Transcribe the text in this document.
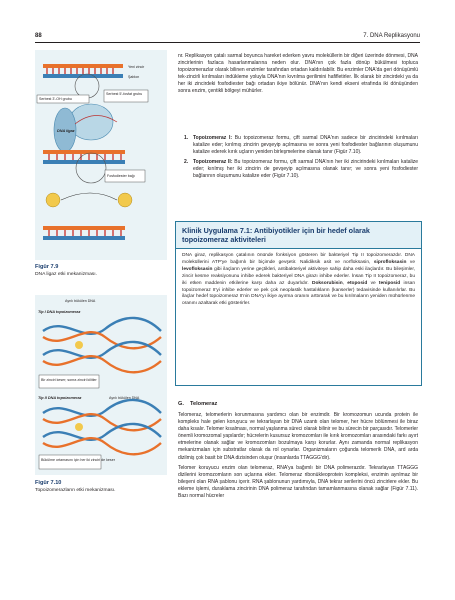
88	7. DNA Replikasyonu
Yeni zincir
Şablon
Serbest 5'-fosfat grubu
Serbest 3'-OH grubu
DNA ligaz
Fosfodiester bağı
Figür 7.9
DNA ligaz etki mekanizması.
Ayrılı bükülen DNA
Tip I DNA topoizomeraz
Bir zinciri keser; sonra zinciri kilitler
Tip II DNA topoizomeraz	Ayrılı bükülen DNA
Bükülme ortamasını için her iki zinciri de keser
Figür 7.10
Topoizomerazların etki mekanizması.
nr. Replikasyon çatalı sarmal boyunca hareket ederken yavru moleküllerin bir diğeri üzerinde dönmesi, DNA zincirlerinin fazlaca hasarlanmalarına neden olur. DNA'nın çok fazla dönüp bükülmesi topluca topoizomerazlar olarak bilinen enzimler tarafından ortadan kaldırılabilir. Bu enzimler DNA'da geri dönüşümlü tek-zincirli kırılmaları indükleme yoluyla DNA'nın kıvrılma gerilimini hafifletirler. İlk olarak bir zincirdeki ya da her iki zincirdeki fosfodiester bağı ortadan ikiye bölünür. DNA'nın kendi ekseni etrafında iki dönüşünden sonra enzim, çentikli bölgeyi mühürler.
1. Topoizomeraz I: Bu topoizomeraz formu, çift sarmal DNA'nın sadece bir zincirindeki kırılmaları katalize eder; kırılmış zincirin gevşeyip açılmasına ve sonra yeni fosfodiester bağlarının oluşumunu katalize ederek kırık uçların yeniden birleşmelerine olanak tanır (Figür 7.10).
2. Topoizomeraz II: Bu topoizomeraz formu, çift sarmal DNA'nın her iki zincirindeki kırılmaları katalize eder; kırılmış her iki zincirin de gevşeyip açılmasına olanak tanır; ve sonra yeni fosfodiester bağlarının oluşumunu katalize eder (Figür 7.10).
Klinik Uygulama 7.1: Antibiyotikler için bir hedef olarak topoizomeraz aktiviteleri
DNA giraz, replikasyon çatalının önünde fonksiyon gösteren bir bakteriyel Tip II topoizomerazdır. DNA moleküllerini ATP'ye bağımlı bir biçimde gevşetir. Nalidiksik asit ve norfloksasin, siprofloksasin ve levofloksasin gibi ilaçların yerine geçtikleri, antibakteriyel aktiviteye sahip daha eski ilaçlardır. Bu bileşimler, zincir kesme reaksiyonunu inhibe ederek bakteriyel DNA girazı inhibe ederler. İnsan Tip II topoizomeraz, bu iki etken maddenin etkilerine karşı daha az duyarlıdır. Doksorubisin, etoposid ve teniposid insan topoizomeraz II'yi inhibe ederler ve pek çok neoplastik hastalıkların (kanserler) tedavisinde kullanılırlar. Bu ilaçlar hedef topoizomeraz II'nin DNA'yı ikiye ayırma oranını arttırarak ve bu kırılmaların yeniden mühürlenme oranını azaltarak etki gösterirler.
G. Telomeraz
Telomeraz, telomerlerin korunmasına yardımcı olan bir enzimdir. Bir kromozomun ucunda protein ile kompleks hale gelen koruyucu ve tekrarlayan bir DNA uzantı olan telomer, her hücre bölünmesi ile biraz daha kısalır. Telomer kısalması, normal yaşlanma süreci olarak bilinir ve bu sürecin bir parçasıdır. Telomerler önemli kromozomal yapılardır; hücrelerin kusursuz kromozomları ile kırık kromozomları arasındaki farkı ayırt etmelerine olanak sağlar ve kromozomları bozulmaya karşı korurlar. Aynı zamanda normal replikasyon mekanizmaları için substratlar olarak da rol oynarlar. Organizmaların çoğunda telomerik DNA, ard arda dizilmiş çok basit bir DNA dizisinden oluşur (insanlarda TTAGGG'dir).
Telomer koruyucu enzim olan telomeraz, RNA'ya bağımlı bir DNA polimerazdır. Tekrarlayan TTAGGG dizilerini kromozomların son uçlarına ekler. Telomeraz ribonükleoprotein kompleksi, enzimin ayrılmaz bir bileşeni olan RNA şablonu içerir. RNA şablonunun yardımıyla, DNA tekrar serilerini öncü zincirlere ekler. Bu ekleme işlemi, duraklama zincirinin DNA polimeraz tarafından tamamlanmasına olanak sağlar (Figür 7.11). Bazı normal hücreler
